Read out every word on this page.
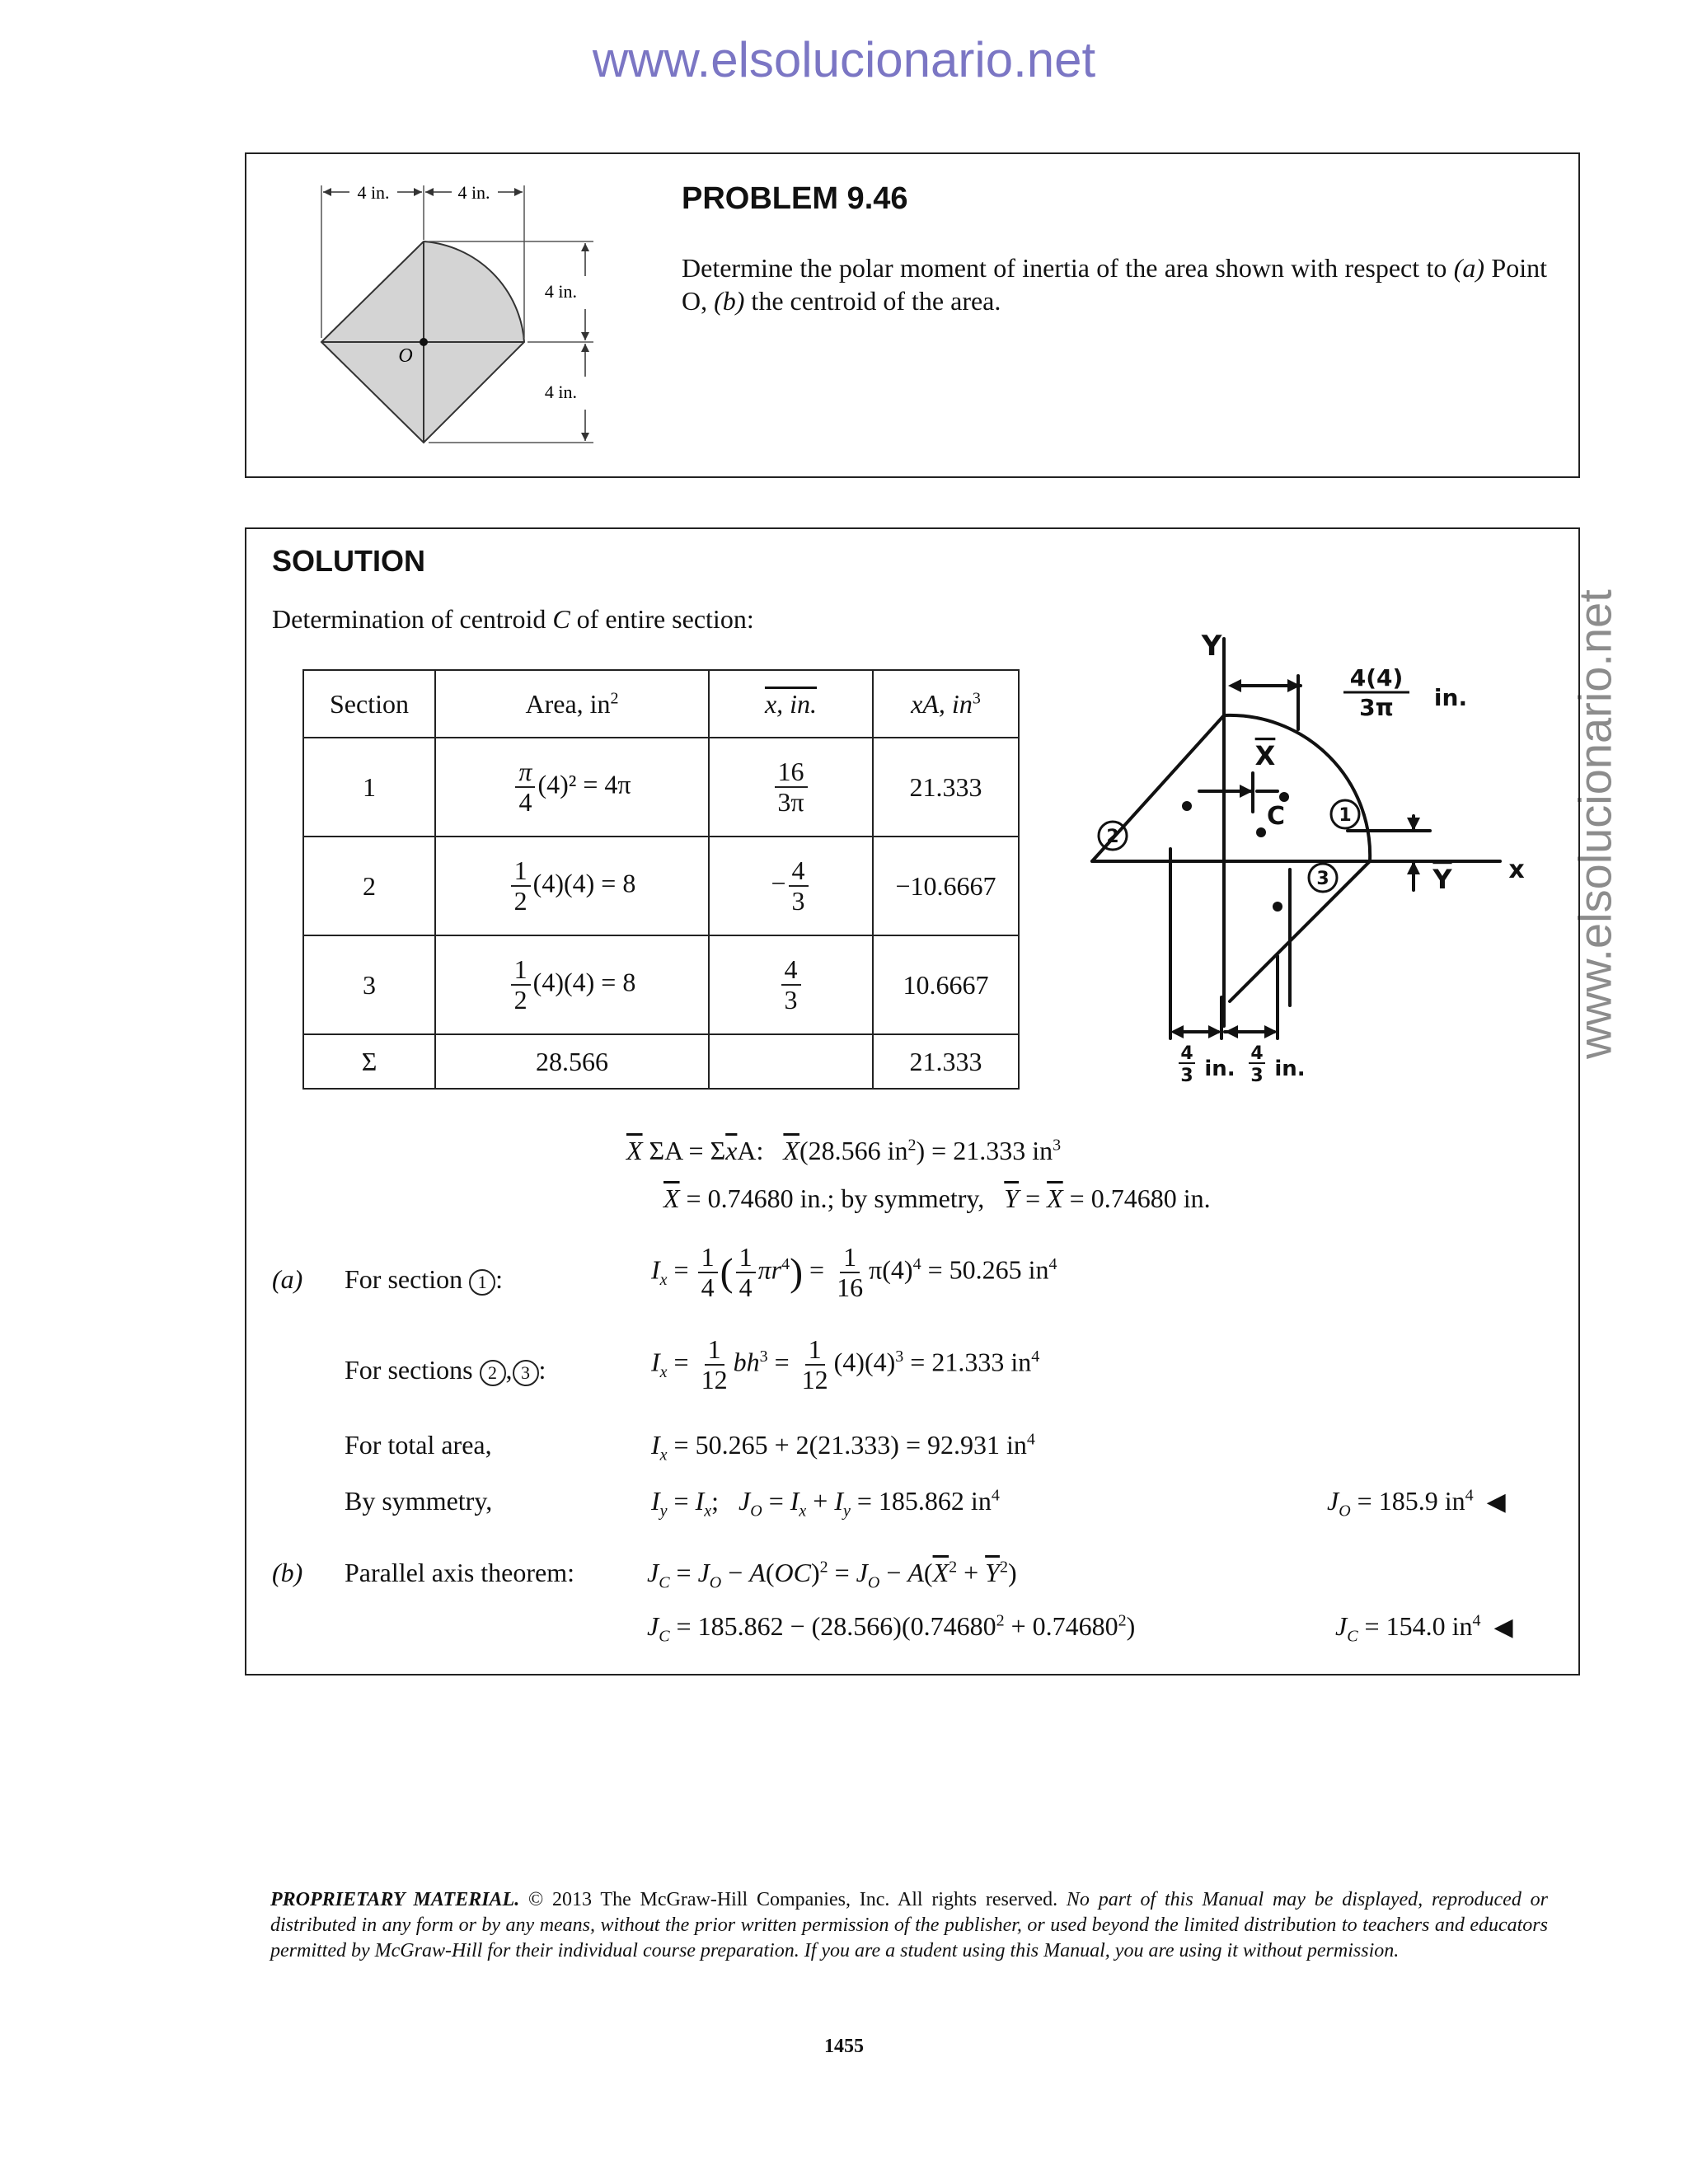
www.elsolucionario.net
www.elsolucionario.net
4 in.	4 in.
4 in.
4 in.
O
PROBLEM 9.46
Determine the polar moment of inertia of the area shown with respect to (a) Point O, (b) the centroid of the area.
SOLUTION
Determination of centroid C of entire section:
Section	Area, $in^2$	x, in.	xA, $in^3$
1	$\frac{\pi}{4} (4)^2 = 4\pi$	$\frac{16}{3\pi}$	21.333
2	$\frac{1}{2} (4)(4) = 8$	− $\frac{4}{3}$	−10.6667
3	$\frac{1}{2} (4)(4) = 8$	$\frac{4}{3}$	10.6667
Σ	28.566		21.333
2
1
3
Y
x
X
Y
C
4(4)
3π in.
4
3 in.
4
3 in.
$\overline{X}$ $\Sigma A = \Sigma\overline{x}A$: $\overline{X}(28.566$ $in^2) = 21.333$ $in^3$
$\overline{X} = 0.74680$ in.; by symmetry, $\overline{Y} = \overline{X} = 0.74680$ in.
(a) For section 1 :	$I_x = \frac{1}{4}$ ( $\frac{1}{4} \pi r^4) = \frac{1}{16} \pi(4)^4 = 50.265$ $in^4$
For sections 2 , 3 :	$I_x = \frac{1}{12} bh^3 = \frac{1}{12} (4)(4)^3 = 21.333$ $in^4$
For total area,	$I_x = 50.265 + 2(21.333) = 92.931$ $in^4$
By symmetry,	$I_y = I_x$;   $J_O = I_x + I_y = 185.862$ $in^4$	$J_O = 185.9$ $in^4$ ◀
(b) Parallel axis theorem:	$J_C = J_O - A(OC)^2 = J_O - A(\overline{X}^2 + \overline{Y}^2)$
$J_C = 185.862 - (28.566)(0.74680^2 + 0.74680^2)$	$J_C = 154.0$ $in^4$ ◀
PROPRIETARY MATERIAL. © 2013 The McGraw-Hill Companies, Inc. All rights reserved. No part of this Manual may be displayed, reproduced or distributed in any form or by any means, without the prior written permission of the publisher, or used beyond the limited distribution to teachers and educators permitted by McGraw-Hill for their individual course preparation. If you are a student using this Manual, you are using it without permission.
1455
